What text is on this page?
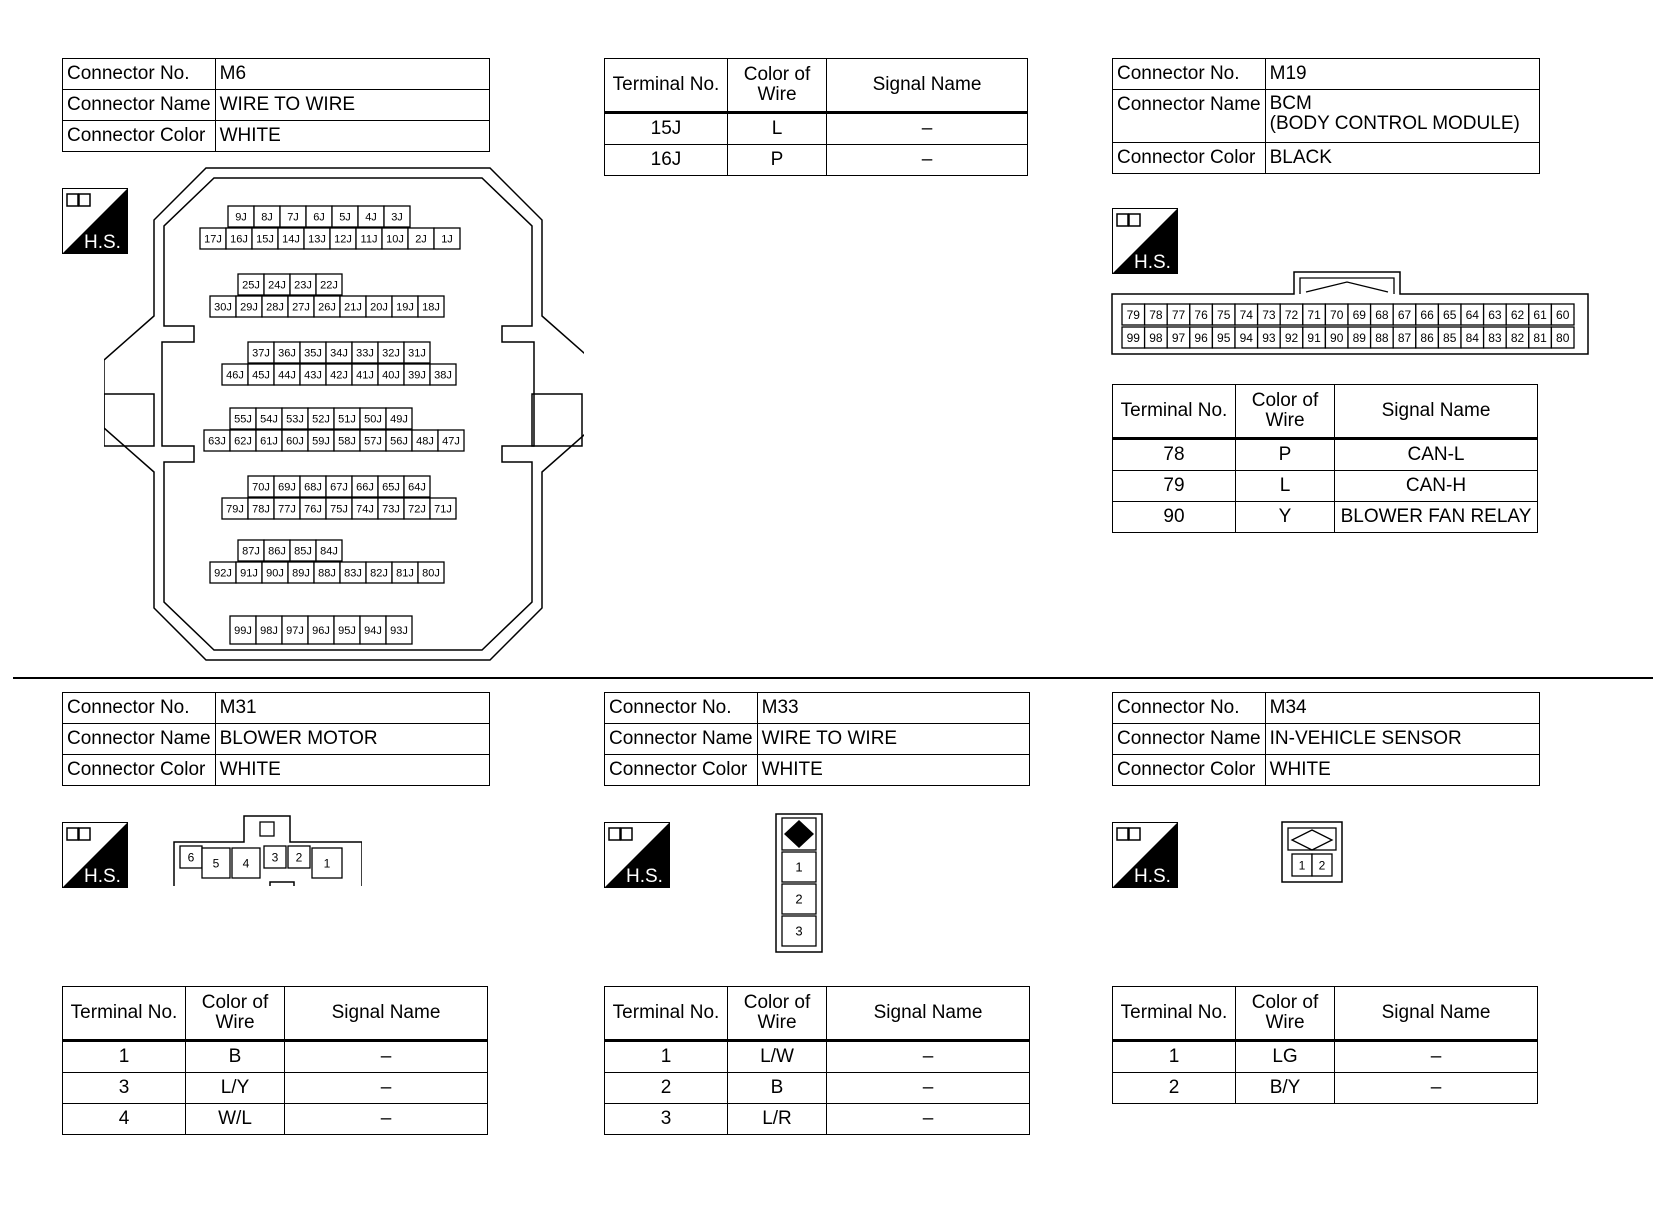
Connector No.	M6
Connector Name	WIRE TO WIRE
Connector Color	WHITE
H.S.
9J 8J 7J 6J 5J 4J 3J
17J 16J 15J 14J 13J 12J 11J 10J 2J 1J
25J 24J 23J 22J
30J 29J 28J 27J 26J 21J 20J 19J 18J
37J 36J 35J 34J 33J 32J 31J
46J 45J 44J 43J 42J 41J 40J 39J 38J
55J 54J 53J 52J 51J 50J 49J
63J 62J 61J 60J 59J 58J 57J 56J 48J 47J
70J 69J 68J 67J 66J 65J 64J
79J 78J 77J 76J 75J 74J 73J 72J 71J
87J 86J 85J 84J
92J 91J 90J 89J 88J 83J 82J 81J 80J
99J 98J 97J 96J 95J 94J 93J
Terminal No.	Color of Wire	Signal Name
15J	L	–
16J	P	–
Connector No.	M19
Connector Name	BCM
(BODY CONTROL MODULE)

Connector Color	BLACK
H.S.
79 78 77 76 75 74 73 72 71 70 69 68 67 66 65 64 63 62 61 60
99 98 97 96 95 94 93 92 91 90 89 88 87 86 85 84 83 82 81 80
Terminal No.	Color of Wire	Signal Name
78	P	CAN-L
79	L	CAN-H
90	Y	BLOWER FAN RELAY
Connector No.	M31
Connector Name	BLOWER MOTOR
Connector Color	WHITE
H.S.
6 5 4 3 2 1
Terminal No.	Color of Wire	Signal Name
1	B	–
3	L/Y	–
4	W/L	–
Connector No.	M33
Connector Name	WIRE TO WIRE
Connector Color	WHITE
H.S.	1
2
3
Terminal No.	Color of Wire	Signal Name
1	L/W	–
2	B	–
3	L/R	–
Connector No.	M34
Connector Name	IN-VEHICLE SENSOR
Connector Color	WHITE
H.S.
1 2
Terminal No.	Color of Wire	Signal Name
1	LG	–
2	B/Y	–
